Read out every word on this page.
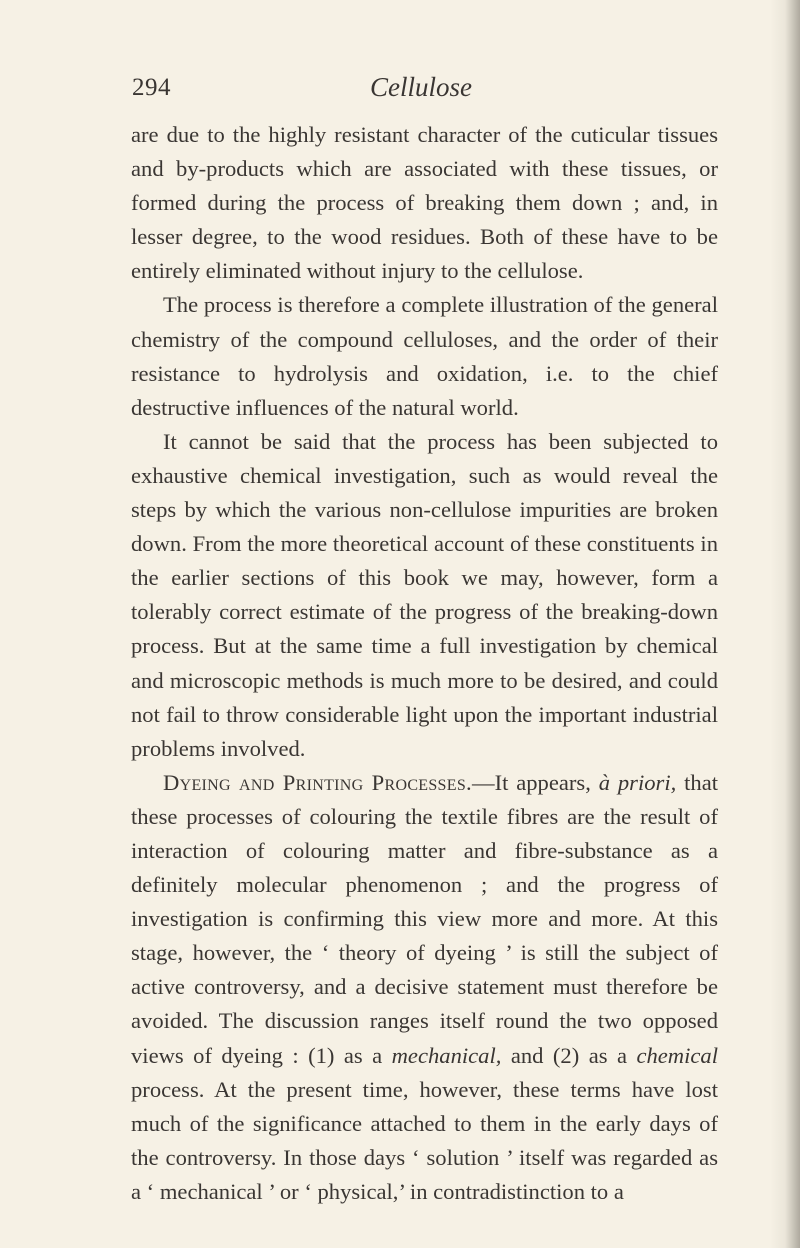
294	Cellulose

are due to the highly resistant character of the cuticular tissues and by-products which are associated with these tissues, or formed during the process of breaking them down ; and, in lesser degree, to the wood residues. Both of these have to be entirely eliminated without injury to the cellulose.

The process is therefore a complete illustration of the general chemistry of the compound celluloses, and the order of their resistance to hydrolysis and oxidation, i.e. to the chief destructive influences of the natural world.

It cannot be said that the process has been subjected to exhaustive chemical investigation, such as would reveal the steps by which the various non-cellulose impurities are broken down. From the more theoretical account of these constituents in the earlier sections of this book we may, however, form a tolerably correct estimate of the progress of the breaking-down process. But at the same time a full investigation by chemical and microscopic methods is much more to be desired, and could not fail to throw considerable light upon the important industrial problems involved.

Dyeing and Printing Processes.—It appears, à priori, that these processes of colouring the textile fibres are the result of interaction of colouring matter and fibre-substance as a definitely molecular phenomenon ; and the progress of investigation is confirming this view more and more. At this stage, however, the ‘ theory of dyeing ’ is still the subject of active controversy, and a decisive statement must therefore be avoided. The discussion ranges itself round the two opposed views of dyeing : (1) as a mechanical, and (2) as a chemical process. At the present time, however, these terms have lost much of the significance attached to them in the early days of the controversy. In those days ‘ solution ’ itself was regarded as a ‘ mechanical ’ or ‘ physical,’ in contradistinction to a
